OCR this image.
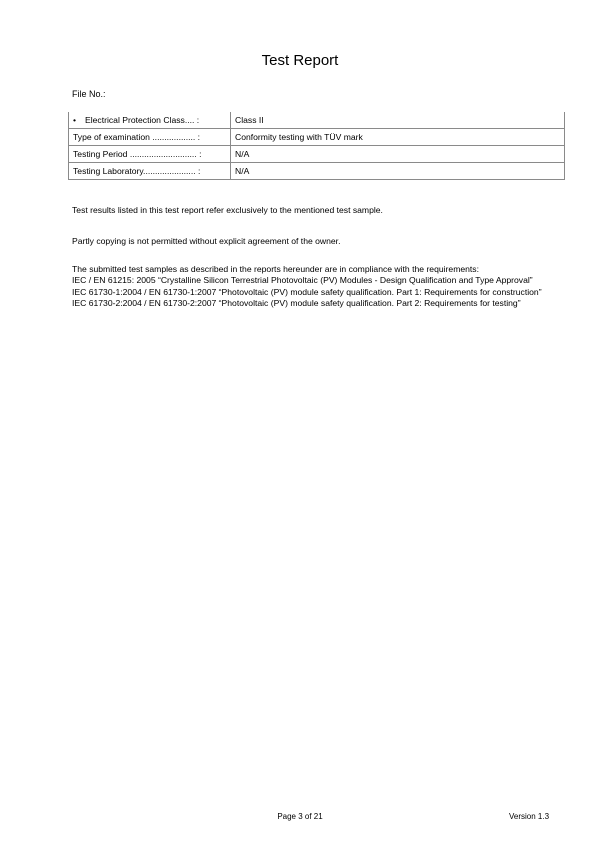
Test Report
File No.:
• Electrical Protection Class.... :	Class II
Type of examination .................. :	Conformity testing with TÜV mark
Testing Period ............................ :	N/A
Testing Laboratory...................... :	N/A
Test results listed in this test report refer exclusively to the mentioned test sample.
Partly copying is not permitted without explicit agreement of the owner.
The submitted test samples as described in the reports hereunder are in compliance with the requirements:
IEC / EN 61215: 2005 “Crystalline Silicon Terrestrial Photovoltaic (PV) Modules - Design Qualification and Type Approval”
IEC 61730-1:2004 / EN 61730-1:2007 “Photovoltaic (PV) module safety qualification. Part 1: Requirements for construction”
IEC 61730-2:2004 / EN 61730-2:2007 “Photovoltaic (PV) module safety qualification. Part 2: Requirements for testing”
Page 3 of 21	Version 1.3
